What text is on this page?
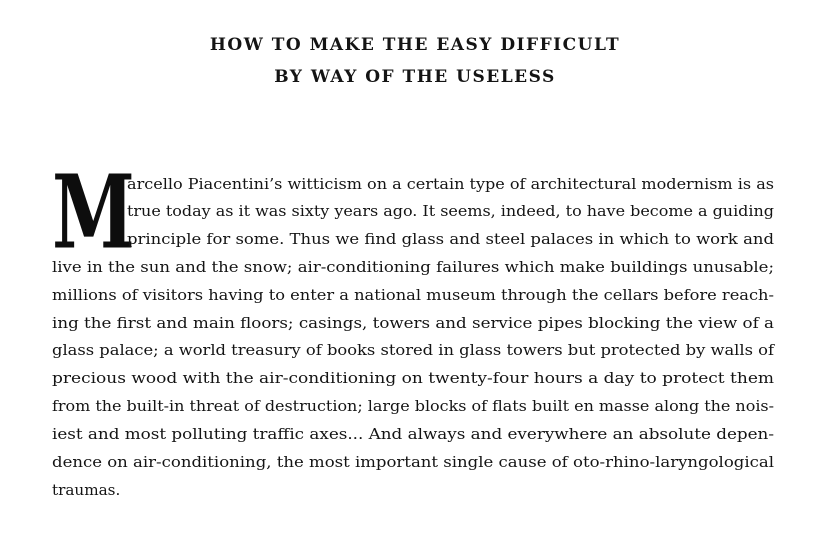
HOW TO MAKE THE EASY DIFFICULT
BY WAY OF THE USELESS
M
arcello Piacentini’s witticism on a certain type of architectural modernism is as
true today as it was sixty years ago. It seems, indeed, to have become a guiding
principle for some. Thus we find glass and steel palaces in which to work and
live in the sun and the snow; air-conditioning failures which make buildings unusable;
millions of visitors having to enter a national museum through the cellars before reach-
ing the first and main floors; casings, towers and service pipes blocking the view of a
glass palace; a world treasury of books stored in glass towers but protected by walls of
precious wood with the air-conditioning on twenty-four hours a day to protect them
from the built-in threat of destruction; large blocks of flats built en masse along the nois-
iest and most polluting traffic axes... And always and everywhere an absolute depen-
dence on air-conditioning, the most important single cause of oto-rhino-laryngological
traumas.
